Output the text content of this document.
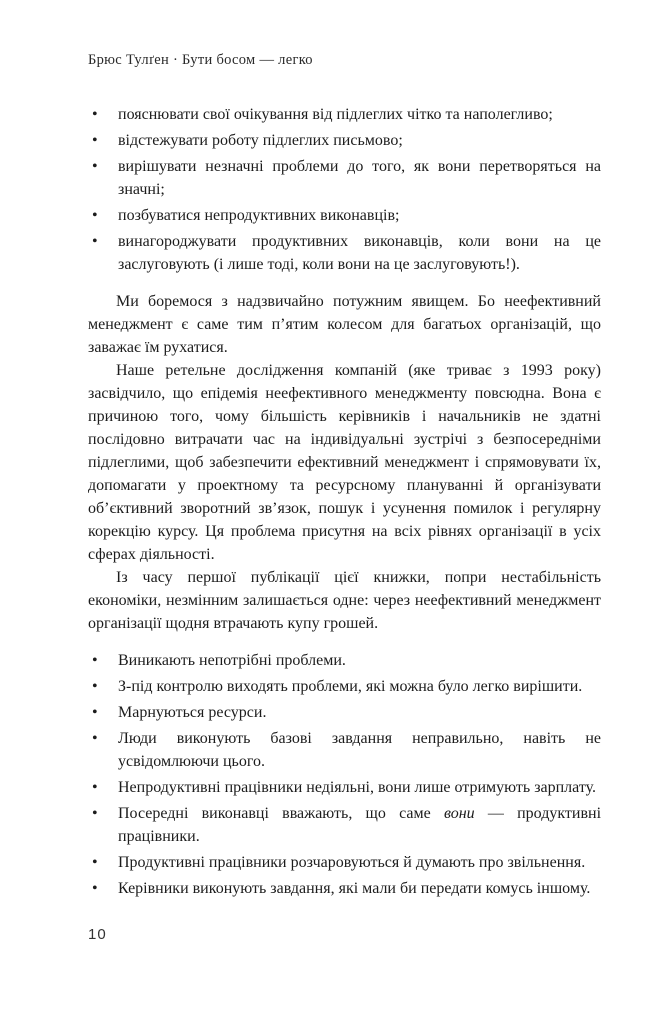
Брюс Тулґен · Бути босом — легко
• пояснювати свої очікування від підлеглих чітко та наполегливо;
• відстежувати роботу підлеглих письмово;
• вирішувати незначні проблеми до того, як вони перетворяться на значні;
• позбуватися непродуктивних виконавців;
• винагороджувати продуктивних виконавців, коли вони на це заслуговують (і лише тоді, коли вони на це заслуговують!).

Ми боремося з надзвичайно потужним явищем. Бо неефективний менеджмент є саме тим п’ятим колесом для багатьох організацій, що заважає їм рухатися.

Наше ретельне дослідження компаній (яке триває з 1993 року) засвідчило, що епідемія неефективного менеджменту повсюдна. Вона є причиною того, чому більшість керівників і начальників не здатні послідовно витрачати час на індивідуальні зустрічі з безпосередніми підлеглими, щоб забезпечити ефективний менеджмент і спрямовувати їх, допомагати у проектному та ресурсному плануванні й організувати об’єктивний зворотний зв’язок, пошук і усунення помилок і регулярну корекцію курсу. Ця проблема присутня на всіх рівнях організації в усіх сферах діяльності.

Із часу першої публікації цієї книжки, попри нестабільність економіки, незмінним залишається одне: через неефективний менеджмент організації щодня втрачають купу грошей.

• Виникають непотрібні проблеми.
• З-під контролю виходять проблеми, які можна було легко вирішити.
• Марнуються ресурси.
• Люди виконують базові завдання неправильно, навіть не усвідомлюючи цього.
• Непродуктивні працівники недіяльні, вони лише отримують зарплату.
• Посередні виконавці вважають, що саме вони — продуктивні працівники.
• Продуктивні працівники розчаровуються й думають про звільнення.
• Керівники виконують завдання, які мали би передати комусь іншому.
10
